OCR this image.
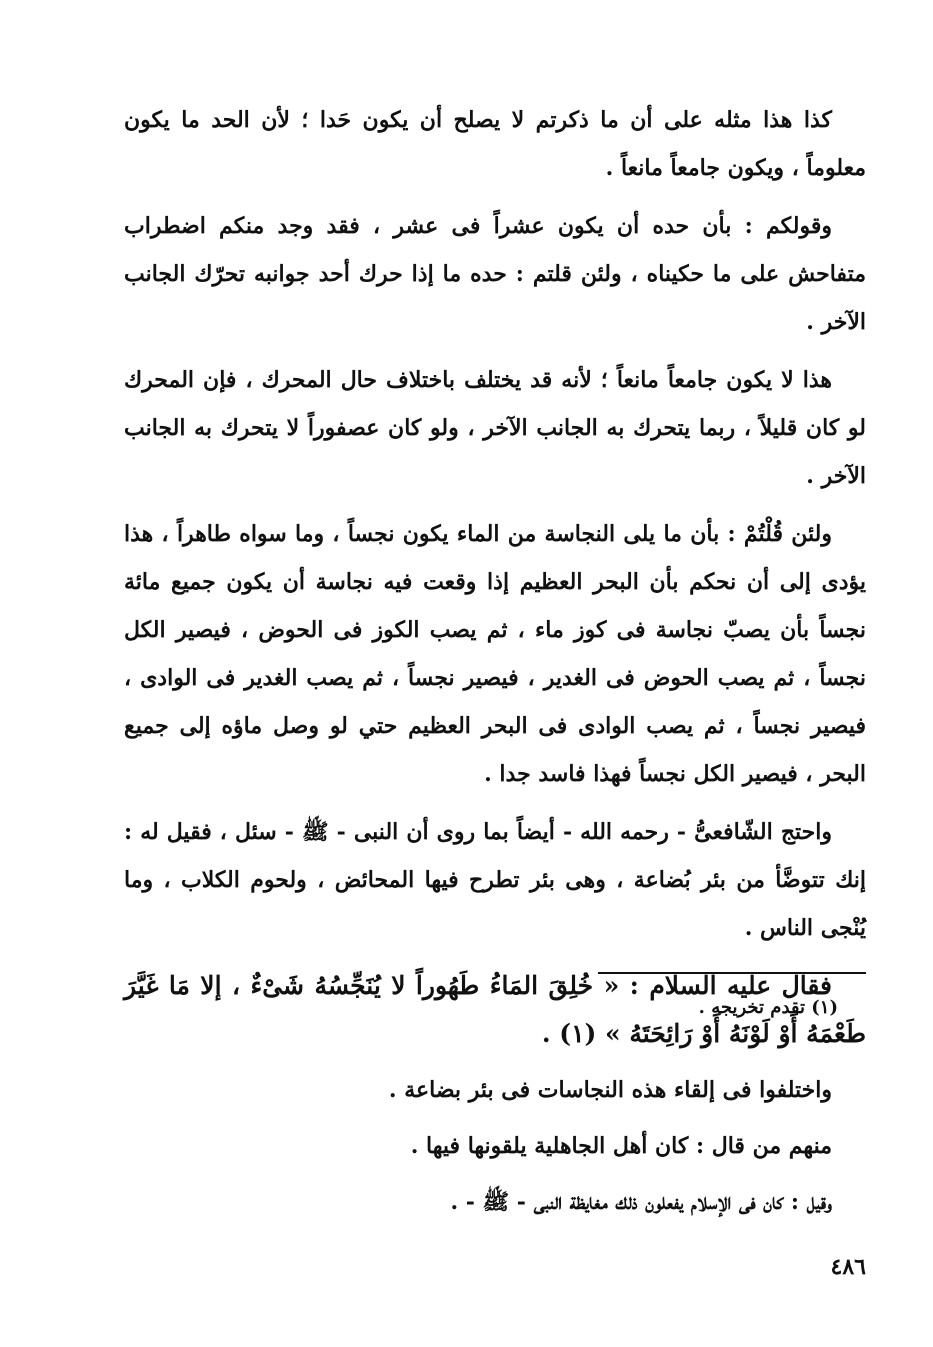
كذا هذا مثله على أن ما ذكرتم لا يصلح أن يكون حَدا ؛ لأن الحد ما يكون معلوماً ، ويكون جامعاً مانعاً .

وقولكم : بأن حده أن يكون عشراً فى عشر ، فقد وجد منكم اضطراب متفاحش على ما حكيناه ، ولئن قلتم : حده ما إذا حرك أحد جوانبه تحرّك الجانب الآخر .

هذا لا يكون جامعاً مانعاً ؛ لأنه قد يختلف باختلاف حال المحرك ، فإن المحرك لو كان قليلاً ، ربما يتحرك به الجانب الآخر ، ولو كان عصفوراً لا يتحرك به الجانب الآخر .

ولئن قُلْتُمْ : بأن ما يلى النجاسة من الماء يكون نجساً ، وما سواه طاهراً ، هذا يؤدى إلى أن نحكم بأن البحر العظيم إذا وقعت فيه نجاسة أن يكون جميع مائة نجساً بأن يصبّ نجاسة فى كوز ماء ، ثم يصب الكوز فى الحوض ، فيصير الكل نجساً ، ثم يصب الحوض فى الغدير ، فيصير نجساً ، ثم يصب الغدير فى الوادى ، فيصير نجساً ، ثم يصب الوادى فى البحر العظيم حتي لو وصل ماؤه إلى جميع البحر ، فيصير الكل نجساً فهذا فاسد جدا .

واحتج الشّافعىُّ - رحمه الله - أيضاً بما روى أن النبى - ﷺ - سئل ، فقيل له : إنك تتوضَّأ من بئر بُضاعة ، وهى بئر تطرح فيها المحائض ، ولحوم الكلاب ، وما يُنْجى الناس .

فقال عليه السلام : « خُلِقَ المَاءُ طَهُوراً لا يُنَجِّسُهُ شَىْءٌ ، إلا مَا غَيَّرَ طَعْمَهُ أَوْ لَوْنَهُ أَوْ رَائِحَتَهُ » (١) .

واختلفوا فى إلقاء هذه النجاسات فى بئر بضاعة .

منهم من قال : كان أهل الجاهلية يلقونها فيها .

وقيل : كان فى الإسلام يفعلون ذلك مغايظة النبى - ﷺ - .

(١) تقدم تخريجه .

٤٨٦
